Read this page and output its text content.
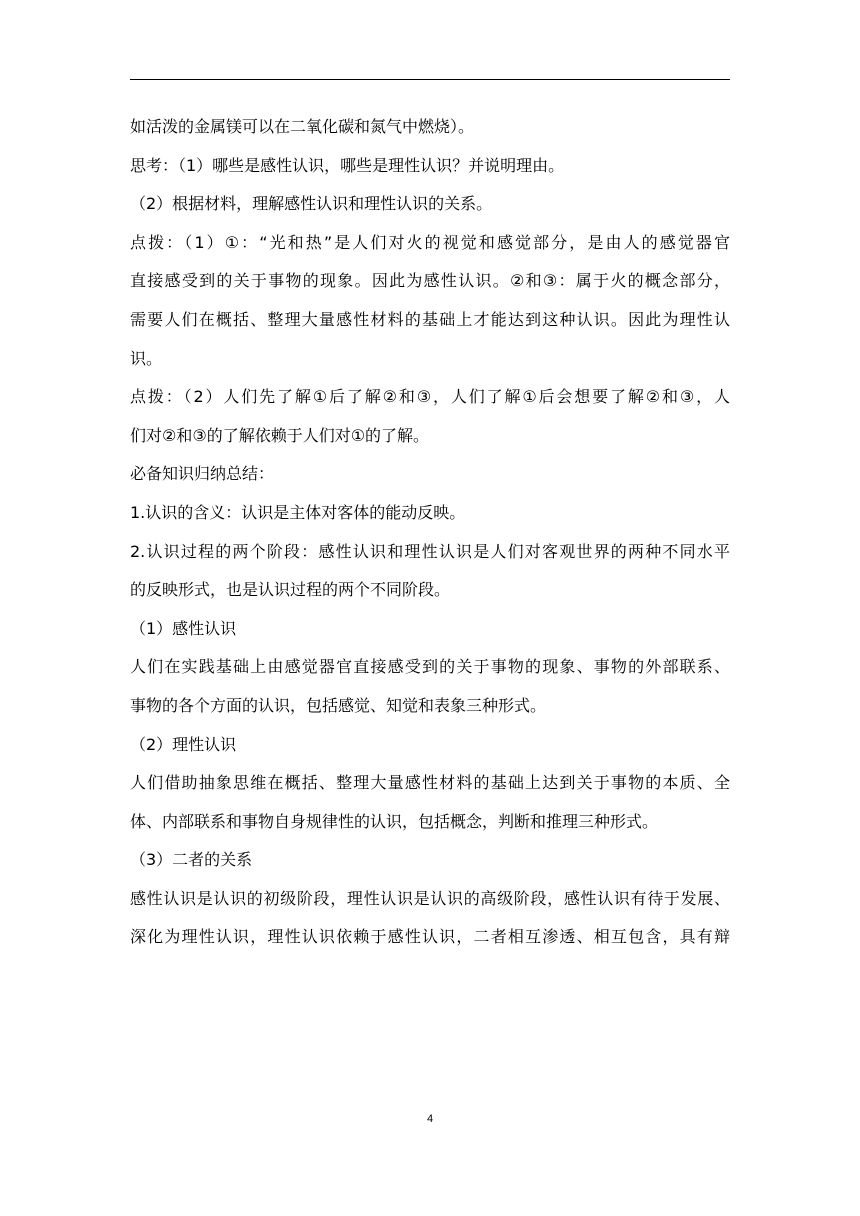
如活泼的金属镁可以在二氧化碳和氮气中燃烧）。
思考：（1）哪些是感性认识，哪些是理性认识？并说明理由。
（2）根据材料，理解感性认识和理性认识的关系。
点拨：（1）①：“光和热”是人们对火的视觉和感觉部分，是由人的感觉器官
直接感受到的关于事物的现象。因此为感性认识。②和③：属于火的概念部分，
需要人们在概括、整理大量感性材料的基础上才能达到这种认识。因此为理性认
识。
点拨：（2）人们先了解①后了解②和③，人们了解①后会想要了解②和③，人
们对②和③的了解依赖于人们对①的了解。
必备知识归纳总结：
1.认识的含义：认识是主体对客体的能动反映。
2.认识过程的两个阶段：感性认识和理性认识是人们对客观世界的两种不同水平
的反映形式，也是认识过程的两个不同阶段。
（1）感性认识
人们在实践基础上由感觉器官直接感受到的关于事物的现象、事物的外部联系、
事物的各个方面的认识，包括感觉、知觉和表象三种形式。
（2）理性认识
人们借助抽象思维在概括、整理大量感性材料的基础上达到关于事物的本质、全
体、内部联系和事物自身规律性的认识，包括概念，判断和推理三种形式。
（3）二者的关系
感性认识是认识的初级阶段，理性认识是认识的高级阶段，感性认识有待于发展、
深化为理性认识，理性认识依赖于感性认识，二者相互渗透、相互包含，具有辩
4
